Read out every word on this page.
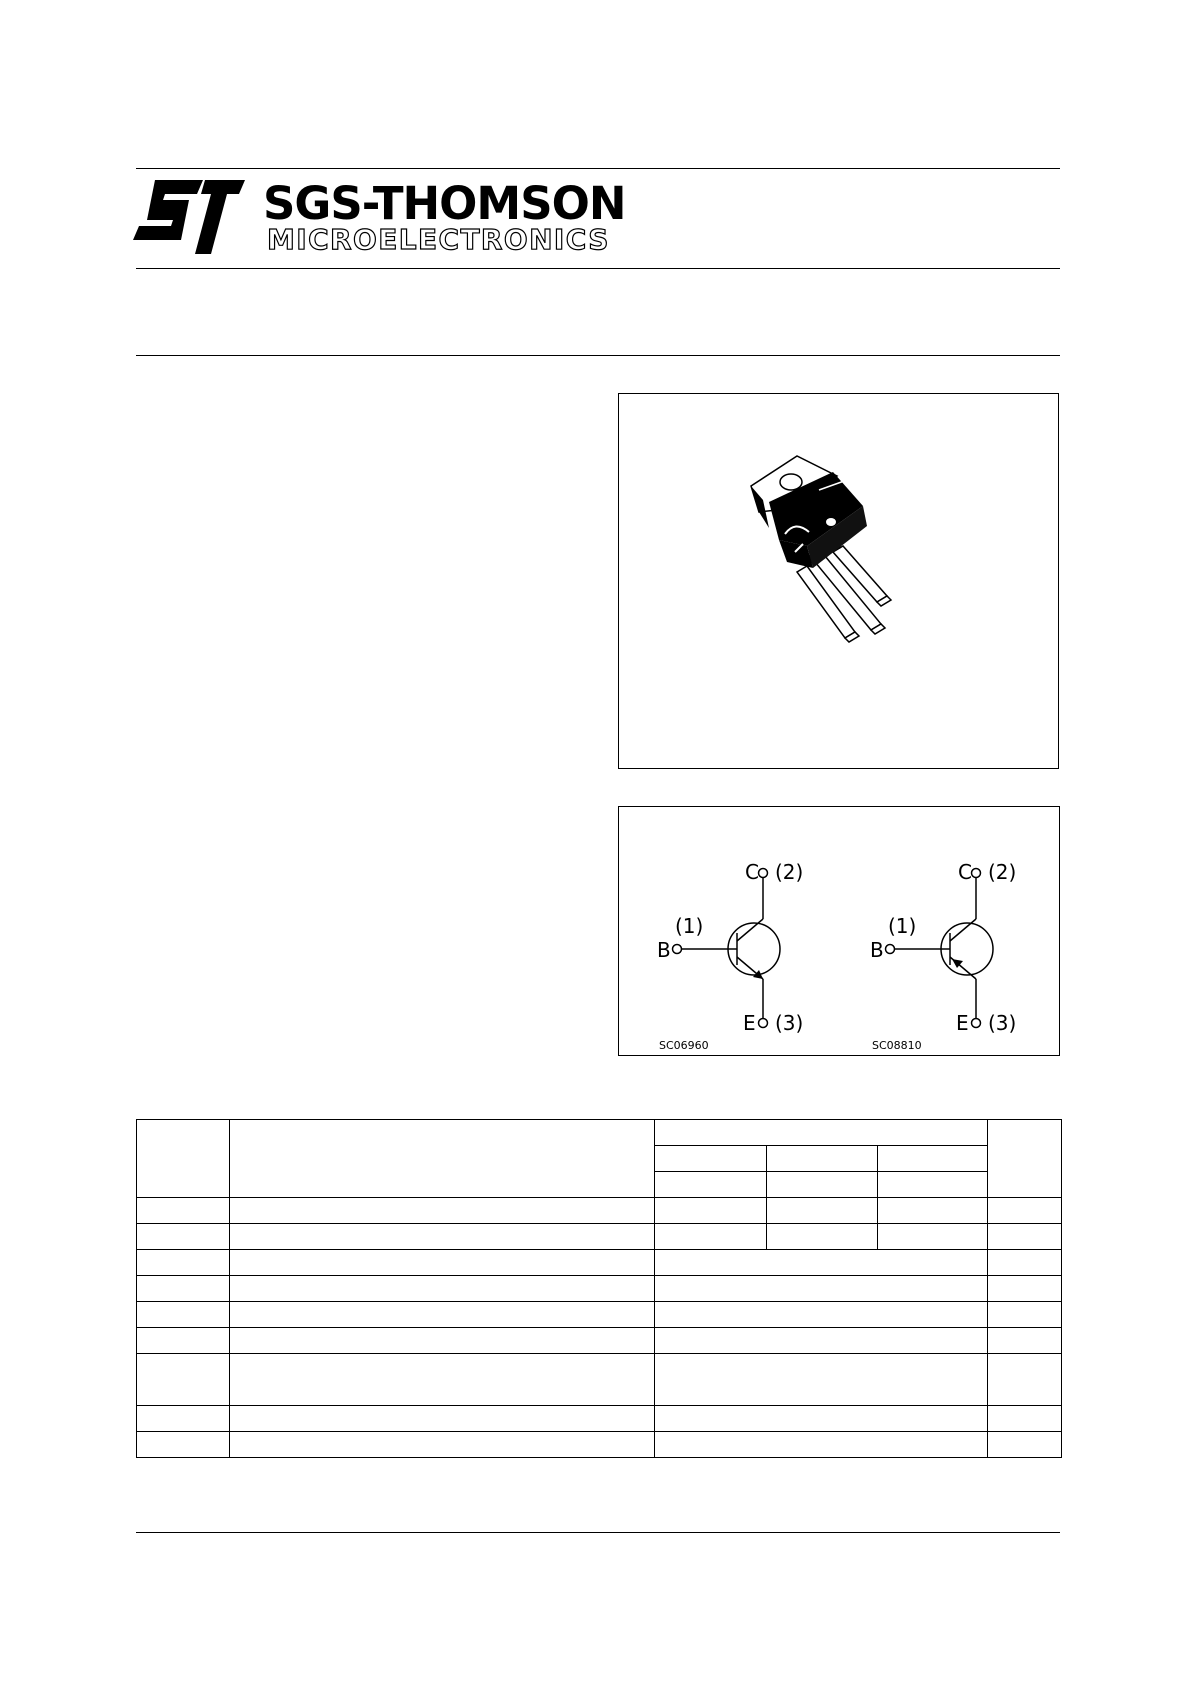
SGS-THOMSON

MICROELECTRONICS

C (2)
(1)
B
E (3)
SC06960
C (2)
(1)
B
E (3)
SC08810
